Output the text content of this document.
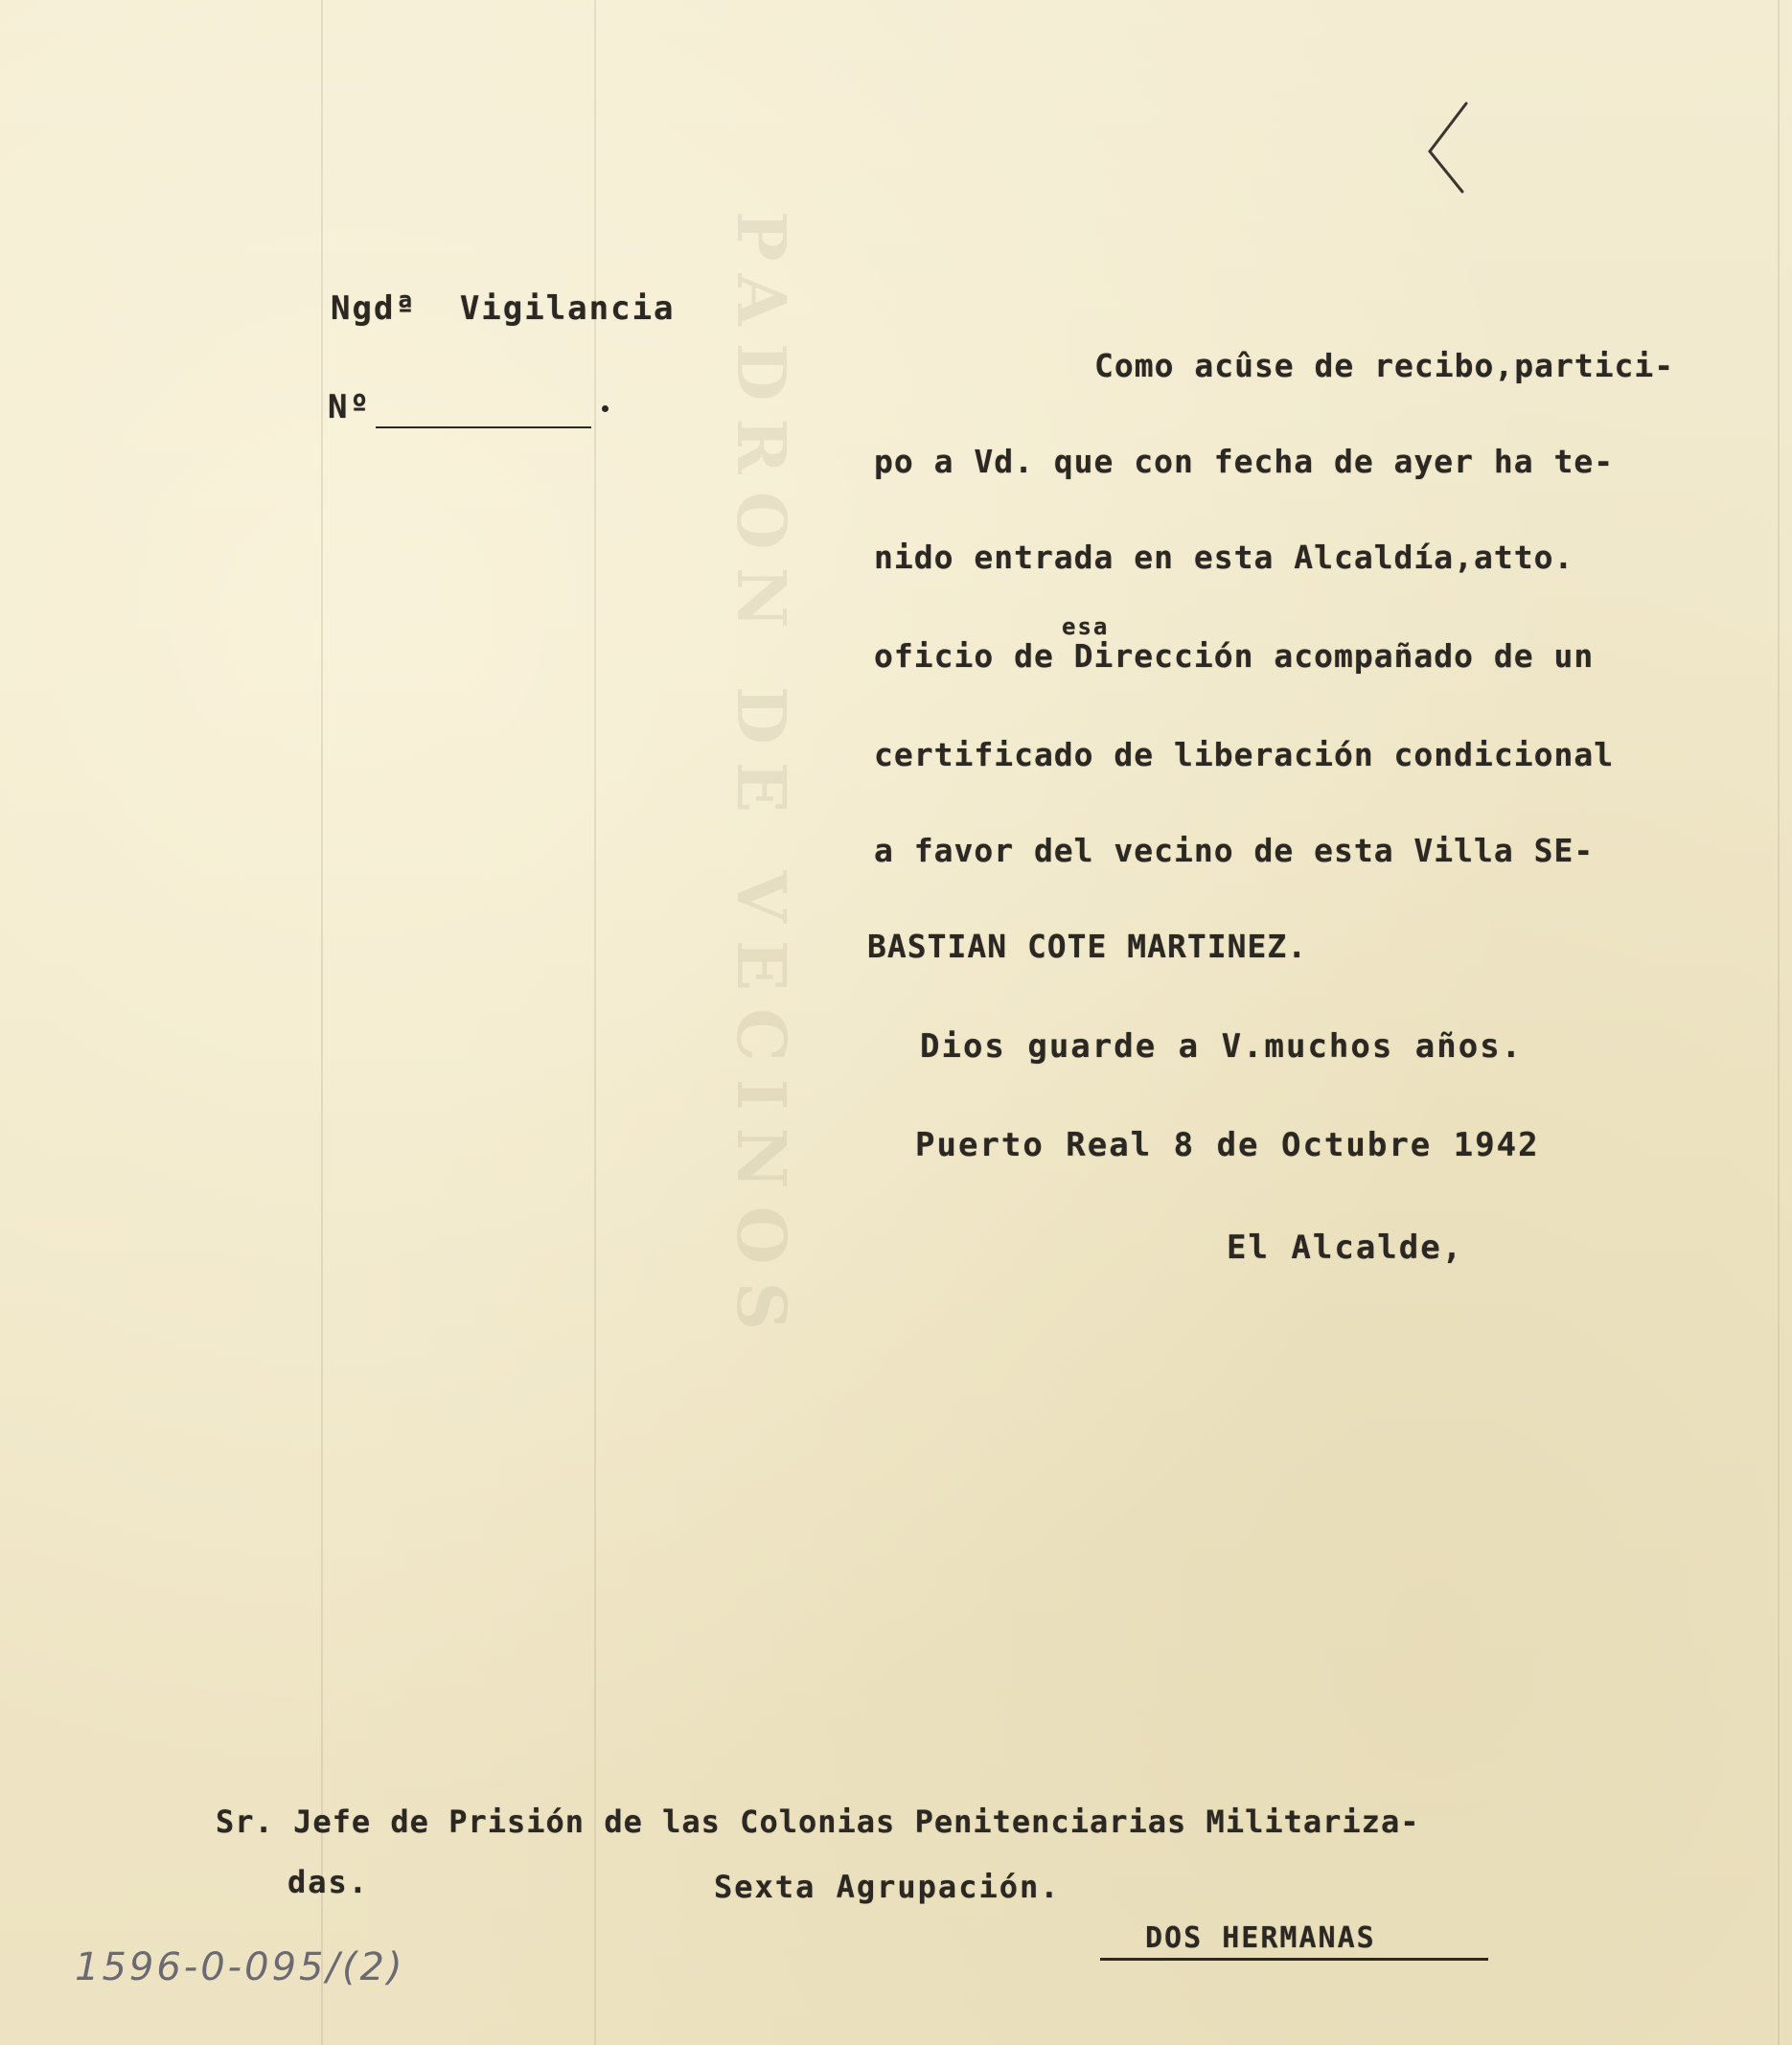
PADRON DE VECINOS
Ngdª  Vigilancia
Nº
Como acûse de recibo,partici-
po a Vd. que con fecha de ayer ha te-
nido entrada en esta Alcaldía,atto.
esa
oficio de Dirección acompañado de un
certificado de liberación condicional
a favor del vecino de esta Villa SE-
BASTIAN COTE MARTINEZ.
Dios guarde a V.muchos años.
Puerto Real 8 de Octubre 1942
El Alcalde,
Sr. Jefe de Prisión de las Colonias Penitenciarias Militariza-
das.	Sexta Agrupación.
DOS HERMANAS
1596-0-095/(2)
